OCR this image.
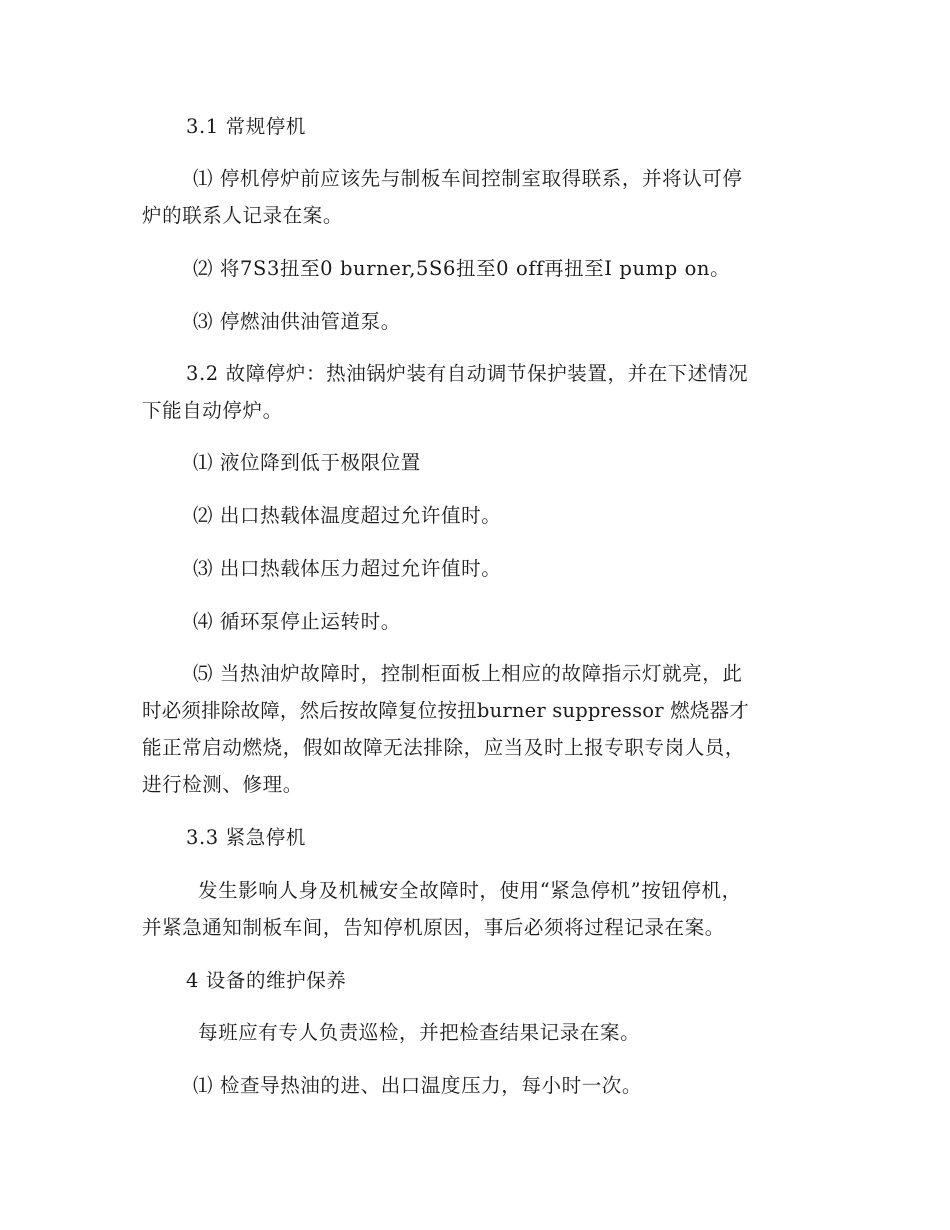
3.1 常规停机
⑴ 停机停炉前应该先与制板车间控制室取得联系，并将认可停
炉的联系人记录在案。
⑵ 将7S3扭至0 burner,5S6扭至0 off再扭至I pump on。
⑶ 停燃油供油管道泵。
3.2 故障停炉：热油锅炉装有自动调节保护装置，并在下述情况
下能自动停炉。
⑴ 液位降到低于极限位置
⑵ 出口热载体温度超过允许值时。
⑶ 出口热载体压力超过允许值时。
⑷ 循环泵停止运转时。
⑸ 当热油炉故障时，控制柜面板上相应的故障指示灯就亮，此
时必须排除故障，然后按故障复位按扭burner suppressor 燃烧器才
能正常启动燃烧，假如故障无法排除，应当及时上报专职专岗人员，
进行检测、修理。
3.3 紧急停机
发生影响人身及机械安全故障时，使用“紧急停机”按钮停机，
并紧急通知制板车间，告知停机原因，事后必须将过程记录在案。
4 设备的维护保养
每班应有专人负责巡检，并把检查结果记录在案。
⑴ 检查导热油的进、出口温度压力，每小时一次。
